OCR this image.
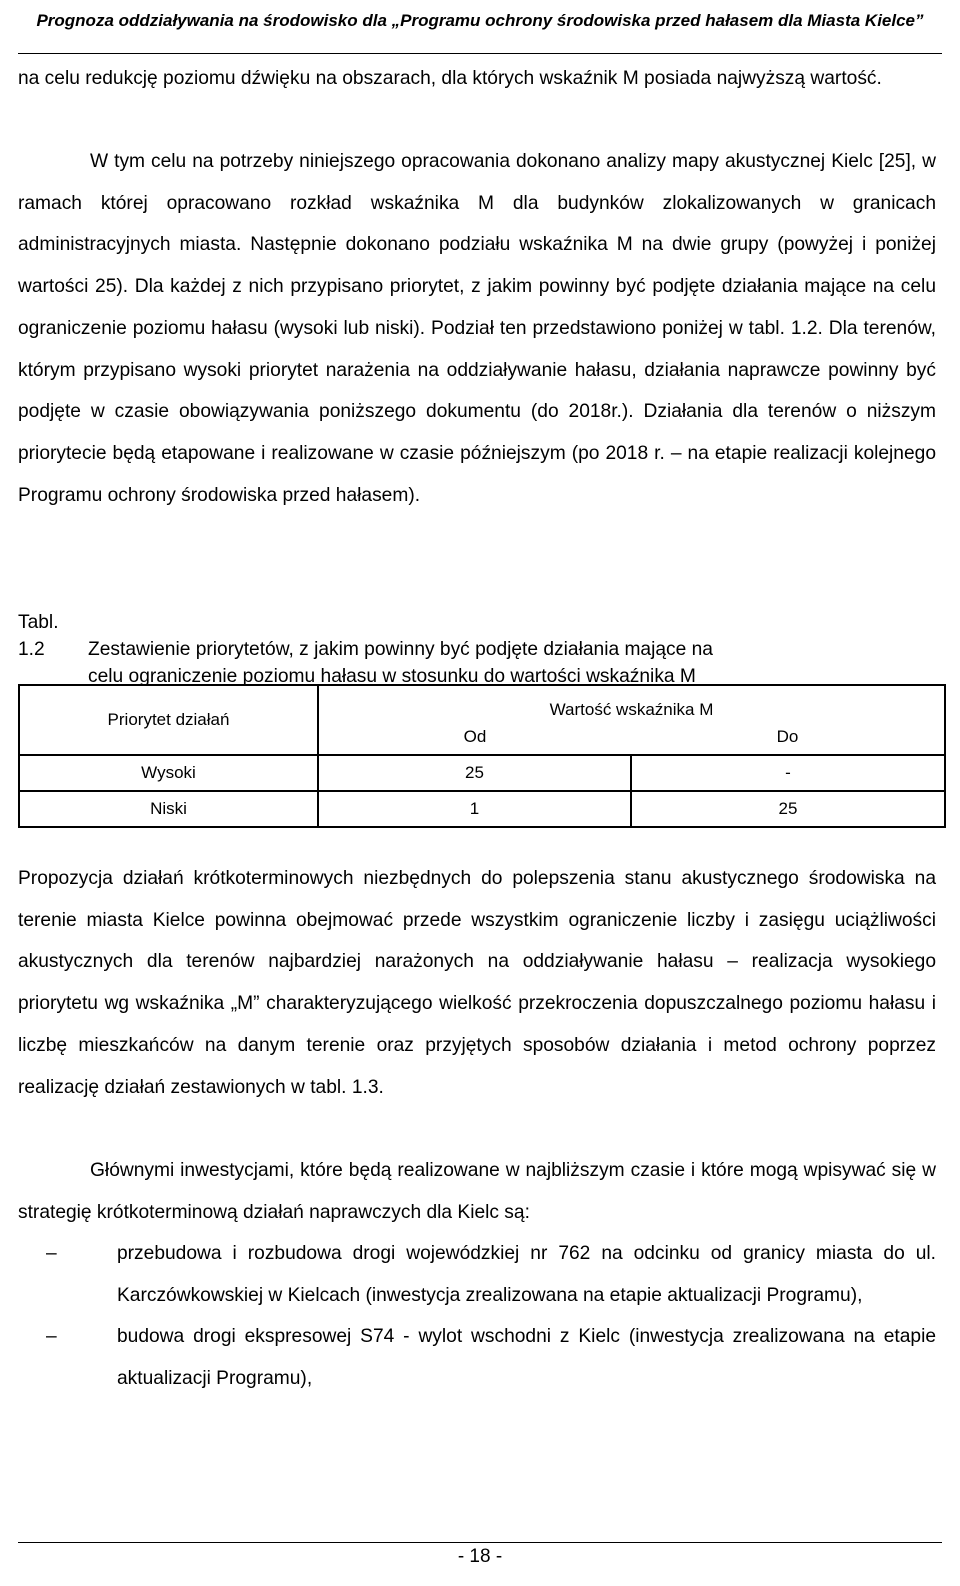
Prognoza oddziaływania na środowisko dla „Programu ochrony środowiska przed hałasem dla Miasta Kielce”

na celu redukcję poziomu dźwięku na obszarach, dla których wskaźnik M posiada najwyższą wartość.

W tym celu na potrzeby niniejszego opracowania dokonano analizy mapy akustycznej Kielc [25], w ramach której opracowano rozkład wskaźnika M dla budynków zlokalizowanych w granicach administracyjnych miasta. Następnie dokonano podziału wskaźnika M na dwie grupy (powyżej i poniżej wartości 25). Dla każdej z nich przypisano priorytet, z jakim powinny być podjęte działania mające na celu ograniczenie poziomu hałasu (wysoki lub niski). Podział ten przedstawiono poniżej w tabl. 1.2. Dla terenów, którym przypisano wysoki priorytet narażenia na oddziaływanie hałasu, działania naprawcze powinny być podjęte w czasie obowiązywania poniższego dokumentu (do 2018r.). Działania dla terenów o niższym priorytecie będą etapowane i realizowane w czasie późniejszym (po 2018 r. – na etapie realizacji kolejnego Programu ochrony środowiska przed hałasem).

Tabl. 1.2 Zestawienie priorytetów, z jakim powinny być podjęte działania mające na
celu ograniczenie poziomu hałasu w stosunku do wartości wskaźnika M
Priorytet działań	Wartość wskaźnika M	
	Od	Do
Wysoki	25	-
Niski	1	25

Propozycja działań krótkoterminowych niezbędnych do polepszenia stanu akustycznego środowiska na terenie miasta Kielce powinna obejmować przede wszystkim ograniczenie liczby i zasięgu uciążliwości akustycznych dla terenów najbardziej narażonych na oddziaływanie hałasu – realizacja wysokiego priorytetu wg wskaźnika „M” charakteryzującego wielkość przekroczenia dopuszczalnego poziomu hałasu i liczbę mieszkańców na danym terenie oraz przyjętych sposobów działania i metod ochrony poprzez realizację działań zestawionych w tabl. 1.3.

Głównymi inwestycjami, które będą realizowane w najbliższym czasie i które mogą wpisywać się w strategię krótkoterminową działań naprawczych dla Kielc są:

–	przebudowa i rozbudowa drogi wojewódzkiej nr 762 na odcinku od granicy miasta do ul. Karczówkowskiej w Kielcach (inwestycja zrealizowana na etapie aktualizacji Programu),
–	budowa drogi ekspresowej S74 - wylot wschodni z Kielc (inwestycja zrealizowana na etapie aktualizacji Programu),
- 18 -
